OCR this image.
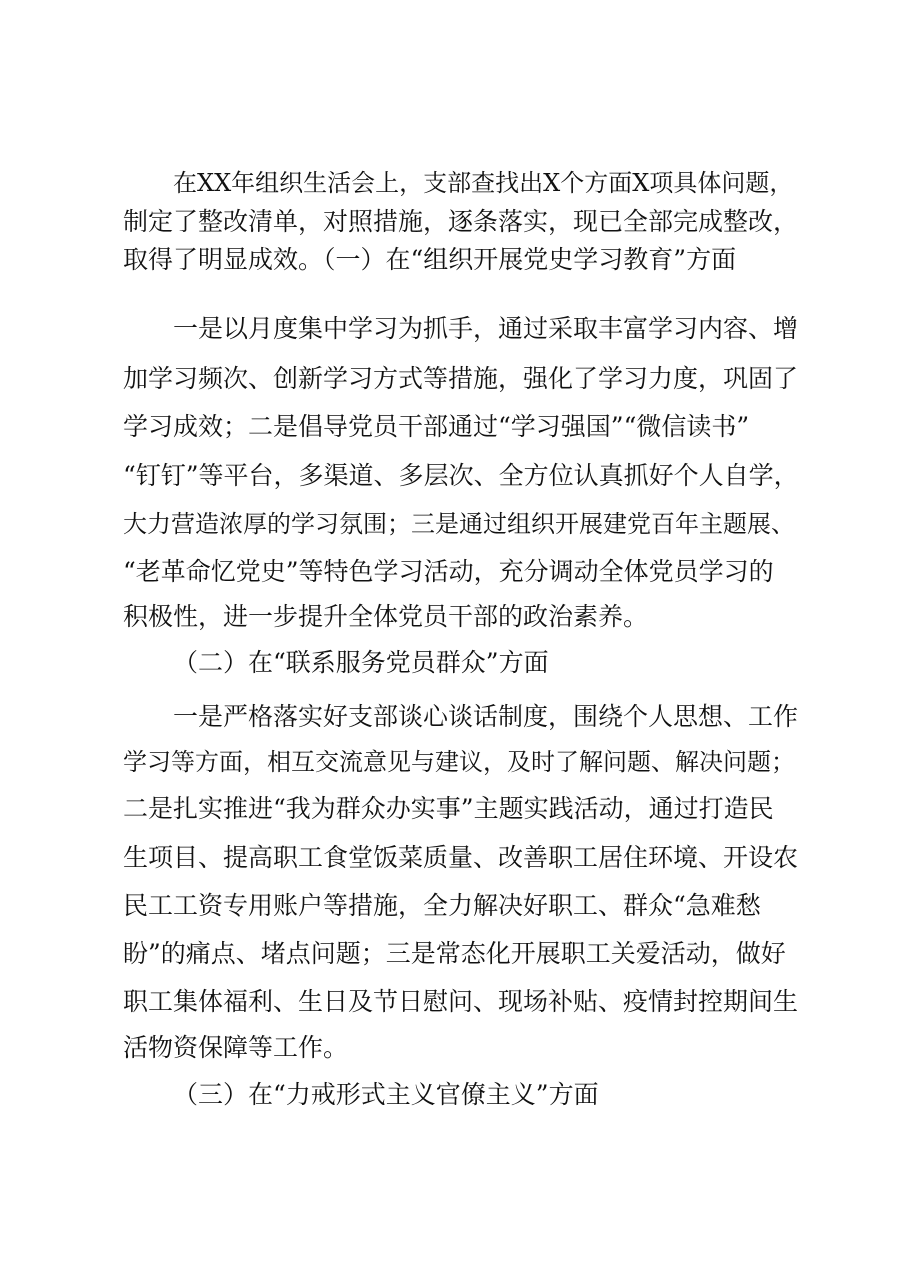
在XX年组织生活会上，支部查找出X个方面X项具体问题，
制定了整改清单，对照措施，逐条落实，现已全部完成整改，
取得了明显成效。（一）在“组织开展党史学习教育”方面
一是以月度集中学习为抓手，通过采取丰富学习内容、增
加学习频次、创新学习方式等措施，强化了学习力度，巩固了
学习成效；二是倡导党员干部通过“学习强国”“微信读书”
“钉钉”等平台，多渠道、多层次、全方位认真抓好个人自学，
大力营造浓厚的学习氛围；三是通过组织开展建党百年主题展、
“老革命忆党史”等特色学习活动，充分调动全体党员学习的
积极性，进一步提升全体党员干部的政治素养。
（二）在“联系服务党员群众”方面
一是严格落实好支部谈心谈话制度，围绕个人思想、工作
学习等方面，相互交流意见与建议，及时了解问题、解决问题；
二是扎实推进“我为群众办实事”主题实践活动，通过打造民
生项目、提高职工食堂饭菜质量、改善职工居住环境、开设农
民工工资专用账户等措施，全力解决好职工、群众“急难愁
盼”的痛点、堵点问题；三是常态化开展职工关爱活动，做好
职工集体福利、生日及节日慰问、现场补贴、疫情封控期间生
活物资保障等工作。
（三）在“力戒形式主义官僚主义”方面
